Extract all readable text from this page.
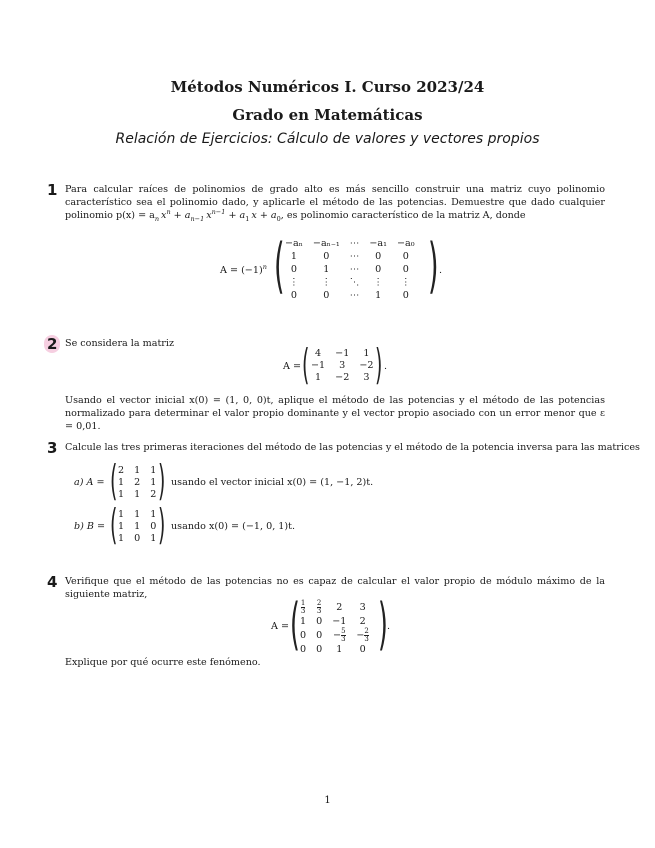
Métodos Numéricos I. Curso 2023/24
Grado en Matemáticas
Relación de Ejercicios: Cálculo de valores y vectores propios
1 Para calcular raíces de polinomios de grado alto es más sencillo construir una matriz cuyo polinomio característico sea el polinomio dado, y aplicarle el método de las potencias. Demuestre que dado cualquier polinomio $p(x) = a_n$  $x^n + a_{n-1}$  $x^{n-1} + a_1$  $x + a_0$, es polinomio característico de la matriz A, donde
$A = (-1)^n$ ( −aₙ	−aₙ₋₁	⋯	−a₁	−a₀
1	0	⋯	0	0
0	1	⋯	0	0
⋮	⋮	⋱	⋮	⋮
0	0	⋯	1	0 ) .
2 Se considera la matriz
A = ( 4	−1	1
−1	3	−2
1	−2	3 ) .
Usando el vector inicial x(0) = (1, 0, 0)t, aplique el método de las potencias y el método de las potencias normalizado para determinar el valor propio dominante y el vector propio asociado con un error menor que ε = 0,01.
3 Calcule las tres primeras iteraciones del método de las potencias y el método de la potencia inversa para las matrices
a) A = ( 2	1	1
1	2	1
1	1	2 ) usando el vector inicial x(0) = (1, −1, 2)t.
b) B = ( 1	1	1
1	1	0
1	0	1 ) usando x(0) = (−1, 0, 1)t.
4 Verifique que el método de las potencias no es capaz de calcular el valor propio de módulo máximo de la siguiente matriz,
A = ( $\frac{1}{3}$	$\frac{2}{3}$	2	3
1	0	−1	2
0	0	− $\frac{5}{3}$	− $\frac{2}{3}$

0	0	1	0 ) .
Explique por qué ocurre este fenómeno.
1
